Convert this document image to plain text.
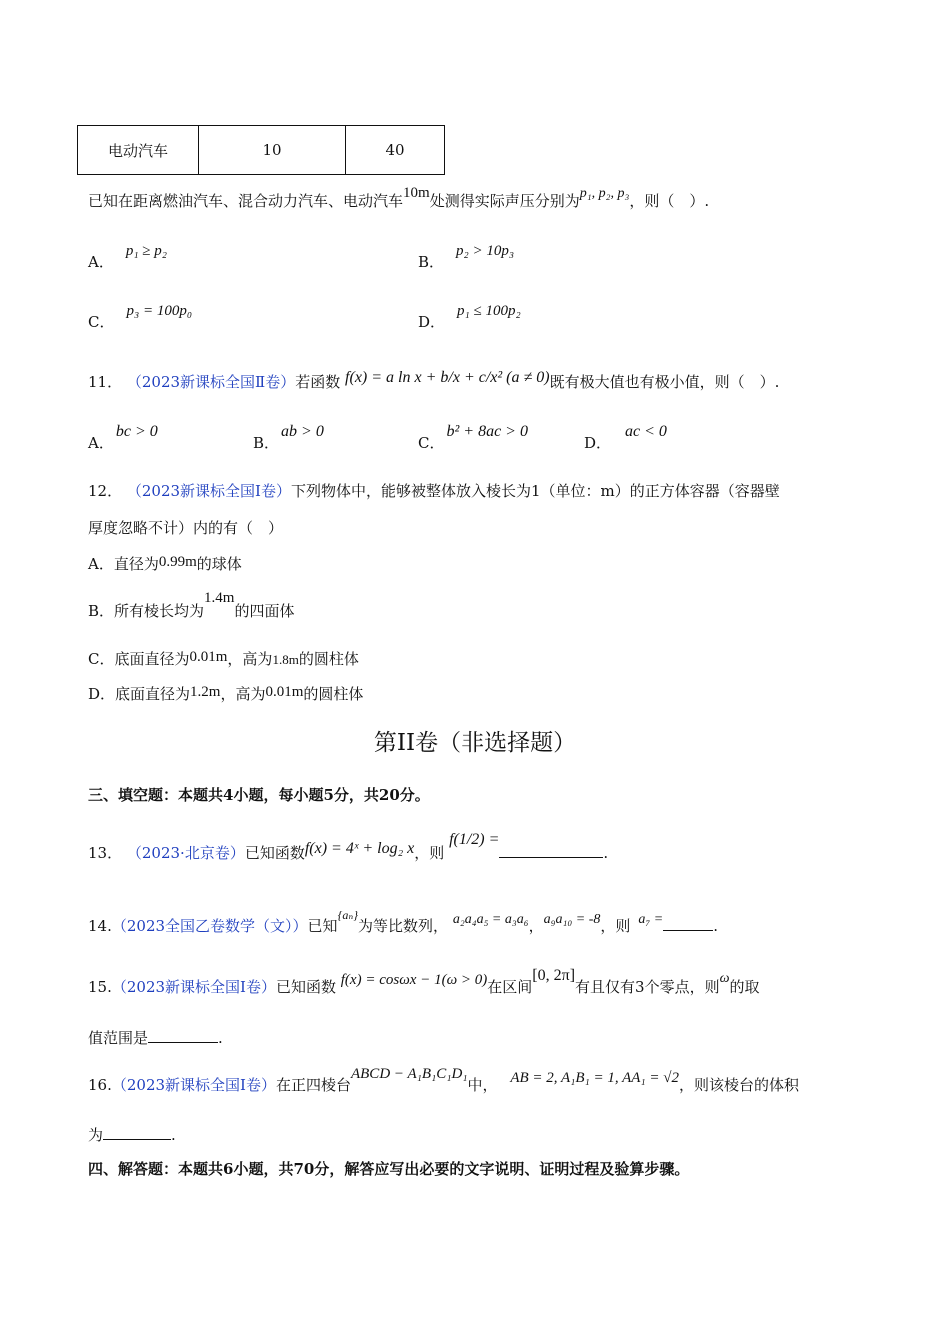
电动汽车	10	40
已知在距离燃油汽车、混合动力汽车、电动汽车10m处测得实际声压分别为p₁, p₂, p₃，则（　）.
A．p₁ ≥ p₂
B．p₂ > 10p₃
C．p₃ = 100p₀
D．p₁ ≤ 100p₂
11． （2023新课标全国Ⅱ卷）若函数 f(x) = a ln x + b/x + c/x² (a ≠ 0)既有极大值也有极小值，则（　）.
A．bc > 0
B．ab > 0
C．b² + 8ac > 0
D．ac < 0
12． （2023新课标全国Ⅰ卷）下列物体中，能够被整体放入棱长为1（单位：m）的正方体容器（容器壁
厚度忽略不计）内的有（　）
A．直径为0.99m的球体
B．所有棱长均为1.4m的四面体
C．底面直径为0.01m，高为1.8m的圆柱体
D．底面直径为1.2m，高为0.01m的圆柱体
第II卷（非选择题）
三、填空题：本题共4小题，每小题5分，共20分。
13． （2023·北京卷）已知函数f(x) = 4ˣ + log₂ x，则 f(1/2) =.
14.（2023全国乙卷数学（文））已知$^{\{a_n\}}$为等比数列， a₂a₄a₅ = a₃a₆，a₉a₁₀ = -8，则 a₇ =	.
15.（2023新课标全国Ⅰ卷）已知函数 f(x) = cosωx − 1(ω > 0)在区间[0, 2π]有且仅有3个零点，则ω的取
值范围是	.
16.（2023新课标全国Ⅰ卷）在正四棱台ABCD − A₁B₁C₁D₁中， AB = 2, A₁B₁ = 1, AA₁ = √2，则该棱台的体积
为	.
四、解答题：本题共6小题，共70分，解答应写出必要的文字说明、证明过程及验算步骤。
